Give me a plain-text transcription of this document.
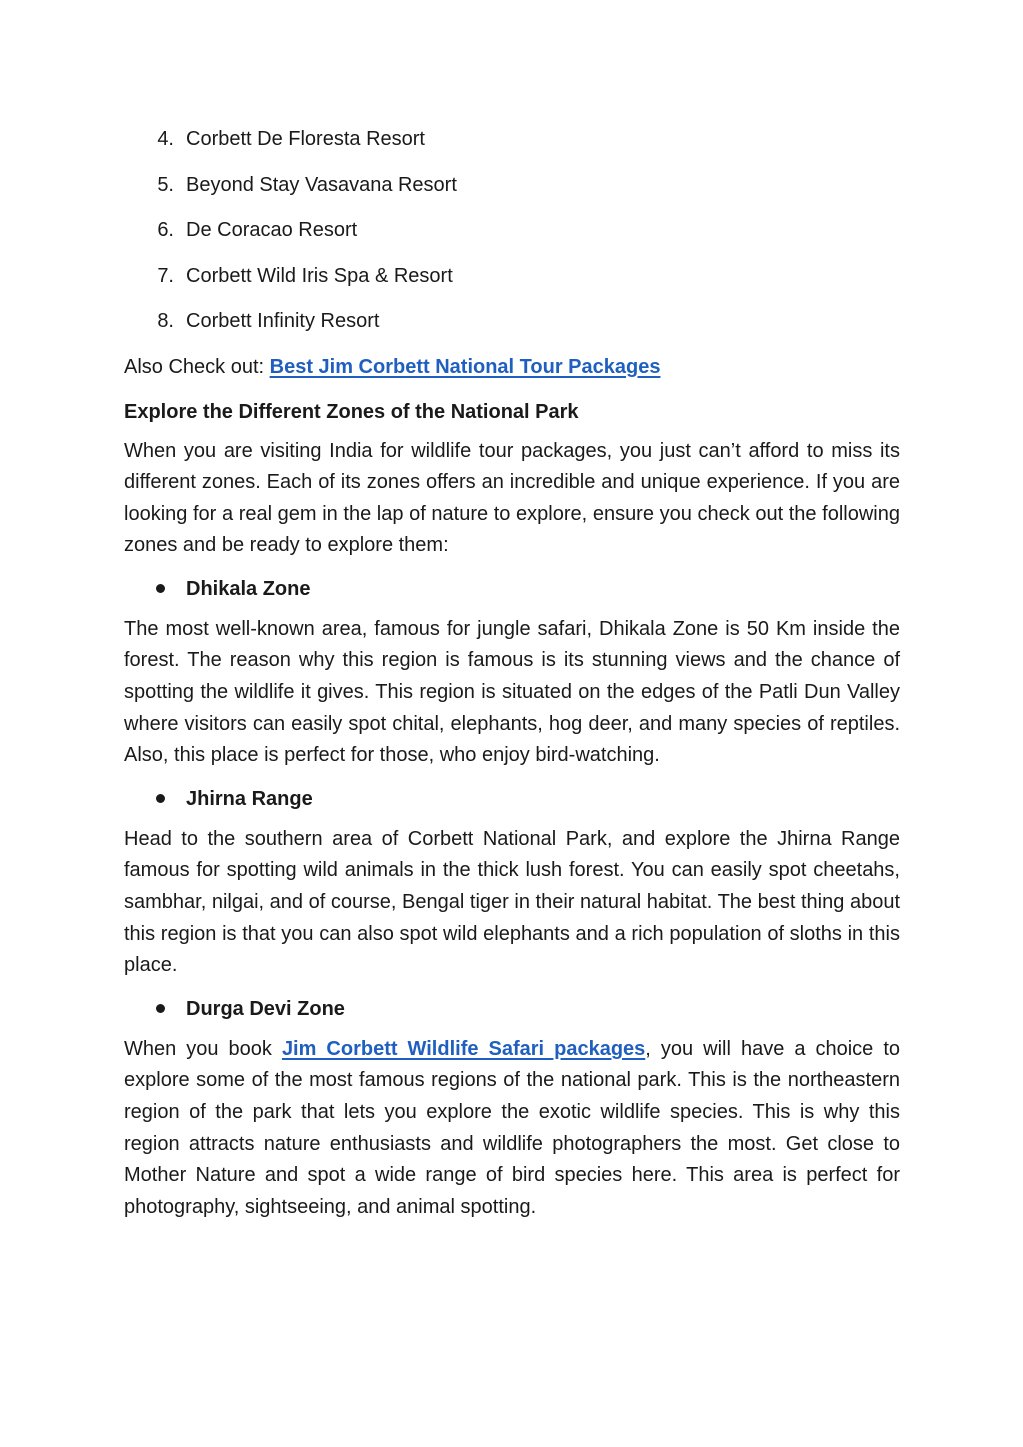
4. Corbett De Floresta Resort
5. Beyond Stay Vasavana Resort
6. De Coracao Resort
7. Corbett Wild Iris Spa & Resort
8. Corbett Infinity Resort

Also Check out: Best Jim Corbett National Tour Packages

Explore the Different Zones of the National Park

When you are visiting India for wildlife tour packages, you just can’t afford to miss its different zones. Each of its zones offers an incredible and unique experience. If you are looking for a real gem in the lap of nature to explore, ensure you check out the following zones and be ready to explore them:

Dhikala Zone

The most well-known area, famous for jungle safari, Dhikala Zone is 50 Km inside the forest. The reason why this region is famous is its stunning views and the chance of spotting the wildlife it gives. This region is situated on the edges of the Patli Dun Valley where visitors can easily spot chital, elephants, hog deer, and many species of reptiles. Also, this place is perfect for those, who enjoy bird-watching.

Jhirna Range

Head to the southern area of Corbett National Park, and explore the Jhirna Range famous for spotting wild animals in the thick lush forest. You can easily spot cheetahs, sambhar, nilgai, and of course, Bengal tiger in their natural habitat. The best thing about this region is that you can also spot wild elephants and a rich population of sloths in this place.

Durga Devi Zone

When you book Jim Corbett Wildlife Safari packages, you will have a choice to explore some of the most famous regions of the national park. This is the northeastern region of the park that lets you explore the exotic wildlife species. This is why this region attracts nature enthusiasts and wildlife photographers the most. Get close to Mother Nature and spot a wide range of bird species here. This area is perfect for photography, sightseeing, and animal spotting.
